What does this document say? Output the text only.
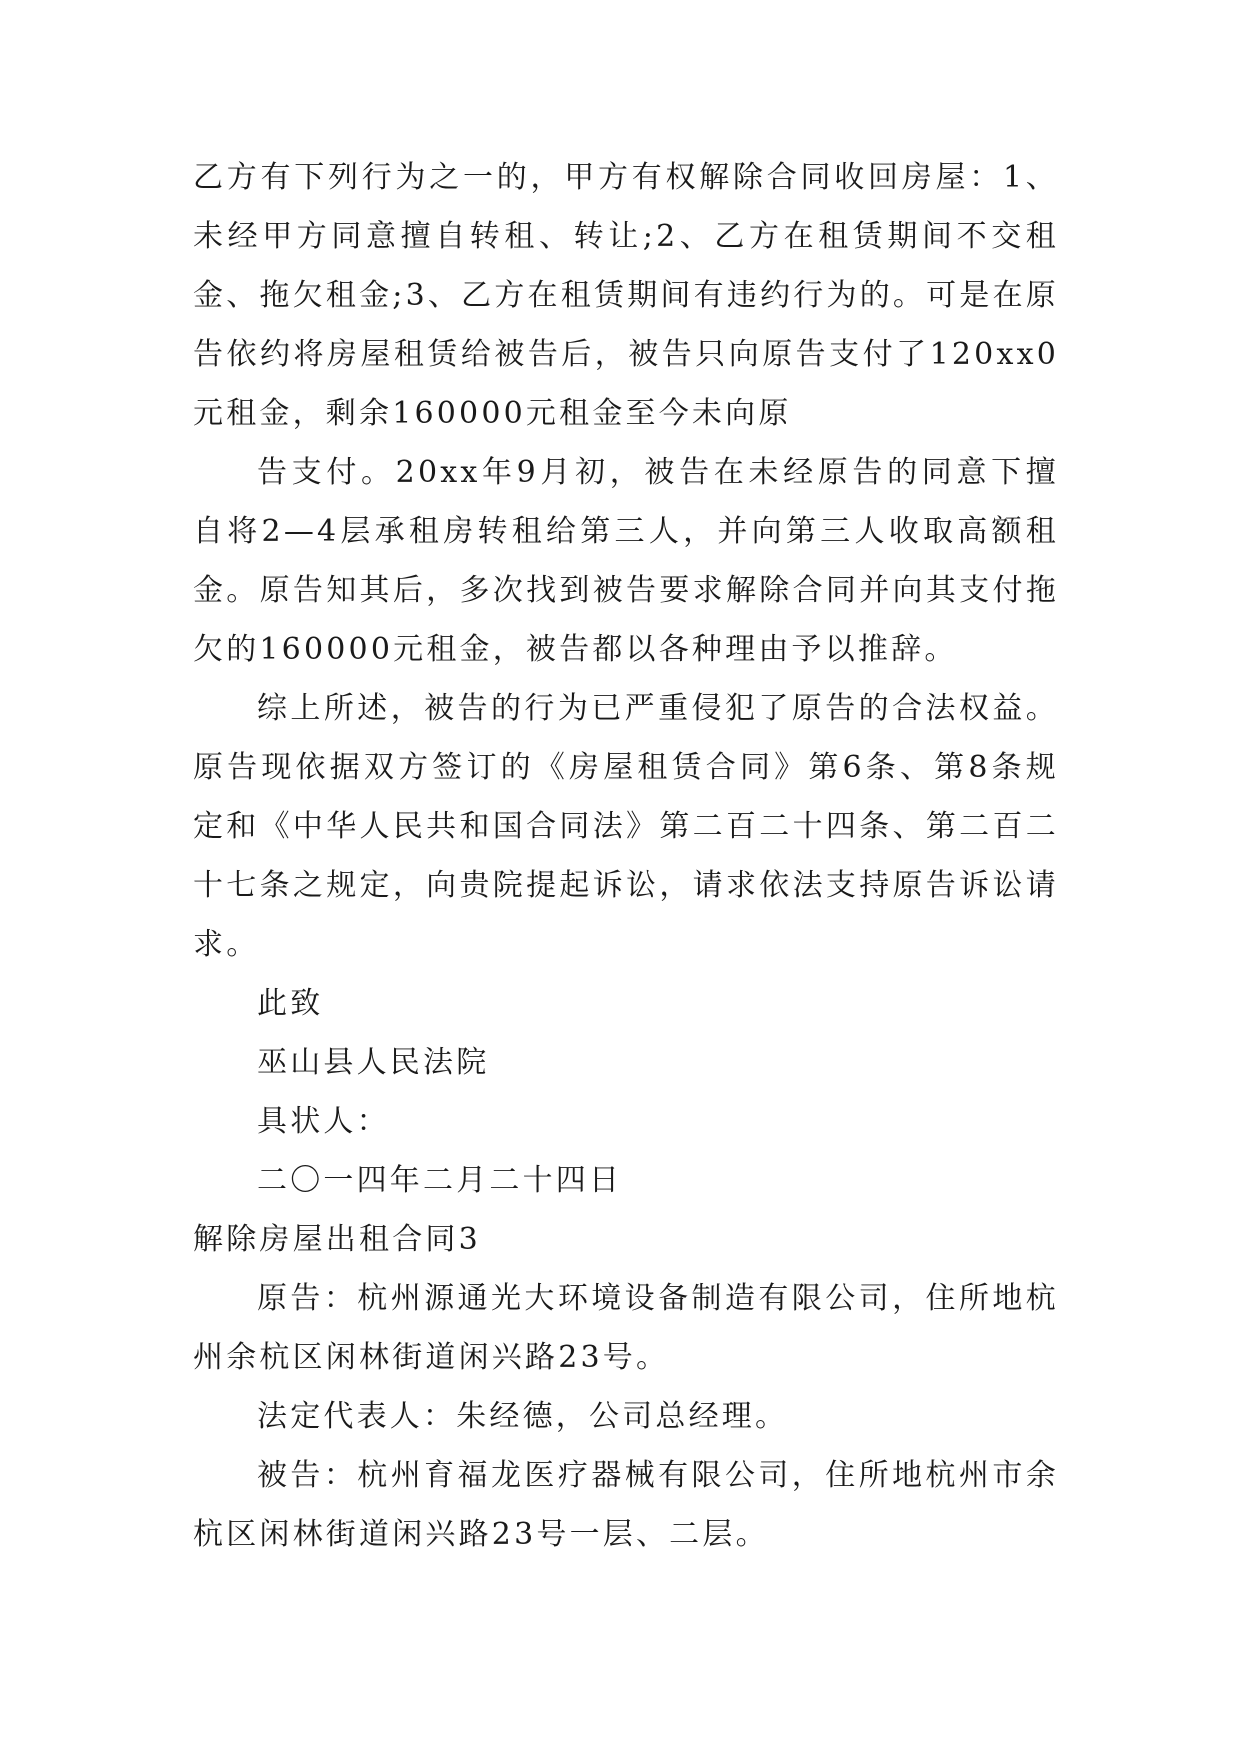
乙方有下列行为之一的，甲方有权解除合同收回房屋：1、未经甲方同意擅自转租、转让;2、乙方在租赁期间不交租金、拖欠租金;3、乙方在租赁期间有违约行为的。可是在原告依约将房屋租赁给被告后，被告只向原告支付了120xx0元租金，剩余160000元租金至今未向原

告支付。20xx年9月初，被告在未经原告的同意下擅自将2—4层承租房转租给第三人，并向第三人收取高额租金。原告知其后，多次找到被告要求解除合同并向其支付拖欠的160000元租金，被告都以各种理由予以推辞。

综上所述，被告的行为已严重侵犯了原告的合法权益。原告现依据双方签订的《房屋租赁合同》第6条、第8条规定和《中华人民共和国合同法》第二百二十四条、第二百二十七条之规定，向贵院提起诉讼，请求依法支持原告诉讼请求。

此致

巫山县人民法院

具状人：

二〇一四年二月二十四日

解除房屋出租合同3

原告：杭州源通光大环境设备制造有限公司，住所地杭州余杭区闲林街道闲兴路23号。

法定代表人：朱经德，公司总经理。

被告：杭州育福龙医疗器械有限公司，住所地杭州市余杭区闲林街道闲兴路23号一层、二层。
